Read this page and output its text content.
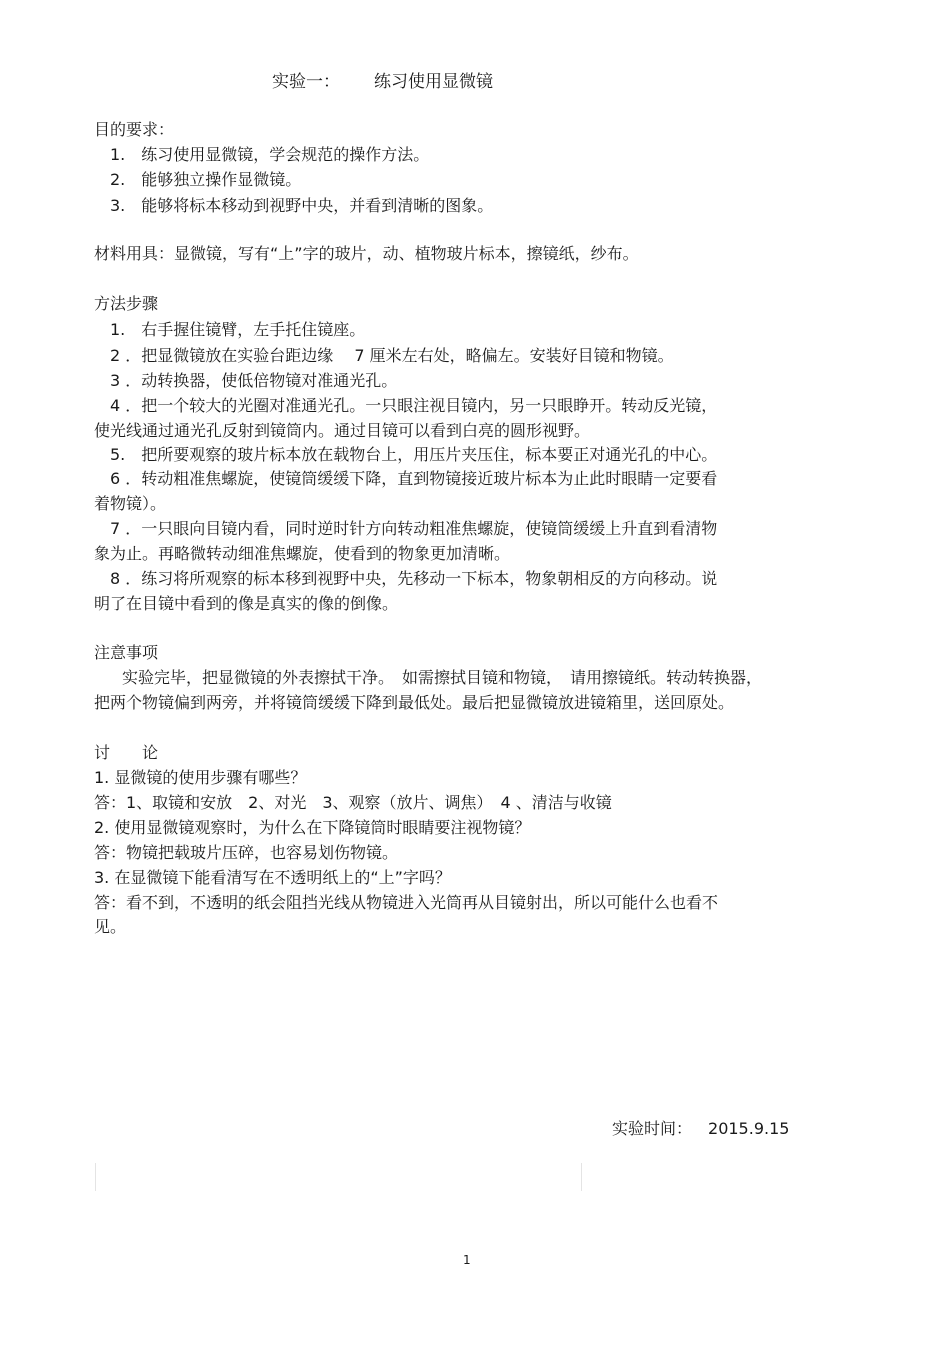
实验一： 练习使用显微镜
目的要求：
1.　练习使用显微镜，学会规范的操作方法。
2.　能够独立操作显微镜。
3.　能够将标本移动到视野中央，并看到清晰的图象。
材料用具：显微镜，写有“上”字的玻片，动、植物玻片标本，擦镜纸，纱布。
方法步骤
1.　右手握住镜臂，左手托住镜座。
2 ．把显微镜放在实验台距边缘　 7 厘米左右处，略偏左。安装好目镜和物镜。
3 ．动转换器，使低倍物镜对准通光孔。
4 ．把一个较大的光圈对准通光孔。一只眼注视目镜内，另一只眼睁开。转动反光镜，
使光线通过通光孔反射到镜筒内。通过目镜可以看到白亮的圆形视野。
5.　把所要观察的玻片标本放在载物台上，用压片夹压住，标本要正对通光孔的中心。
6 ．转动粗准焦螺旋，使镜筒缓缓下降，直到物镜接近玻片标本为止此时眼睛一定要看
着物镜）。
7 ．一只眼向目镜内看，同时逆时针方向转动粗准焦螺旋，使镜筒缓缓上升直到看清物
象为止。再略微转动细准焦螺旋，使看到的物象更加清晰。
8 ．练习将所观察的标本移到视野中央，先移动一下标本，物象朝相反的方向移动。说
明了在目镜中看到的像是真实的像的倒像。
注意事项
实验完毕，把显微镜的外表擦拭干净。　如需擦拭目镜和物镜，　请用擦镜纸。转动转换器，
把两个物镜偏到两旁，并将镜筒缓缓下降到最低处。最后把显微镜放进镜箱里，送回原处。
讨　　论
1. 显微镜的使用步骤有哪些？
答：1、取镜和安放　2、对光　3、观察（放片、调焦）　4 、清洁与收镜
2. 使用显微镜观察时，为什么在下降镜筒时眼睛要注视物镜？
答：物镜把载玻片压碎，也容易划伤物镜。
3. 在显微镜下能看清写在不透明纸上的“上”字吗？
答：看不到，不透明的纸会阻挡光线从物镜进入光筒再从目镜射出，所以可能什么也看不
见。
实验时间： 2015.9.15
1
